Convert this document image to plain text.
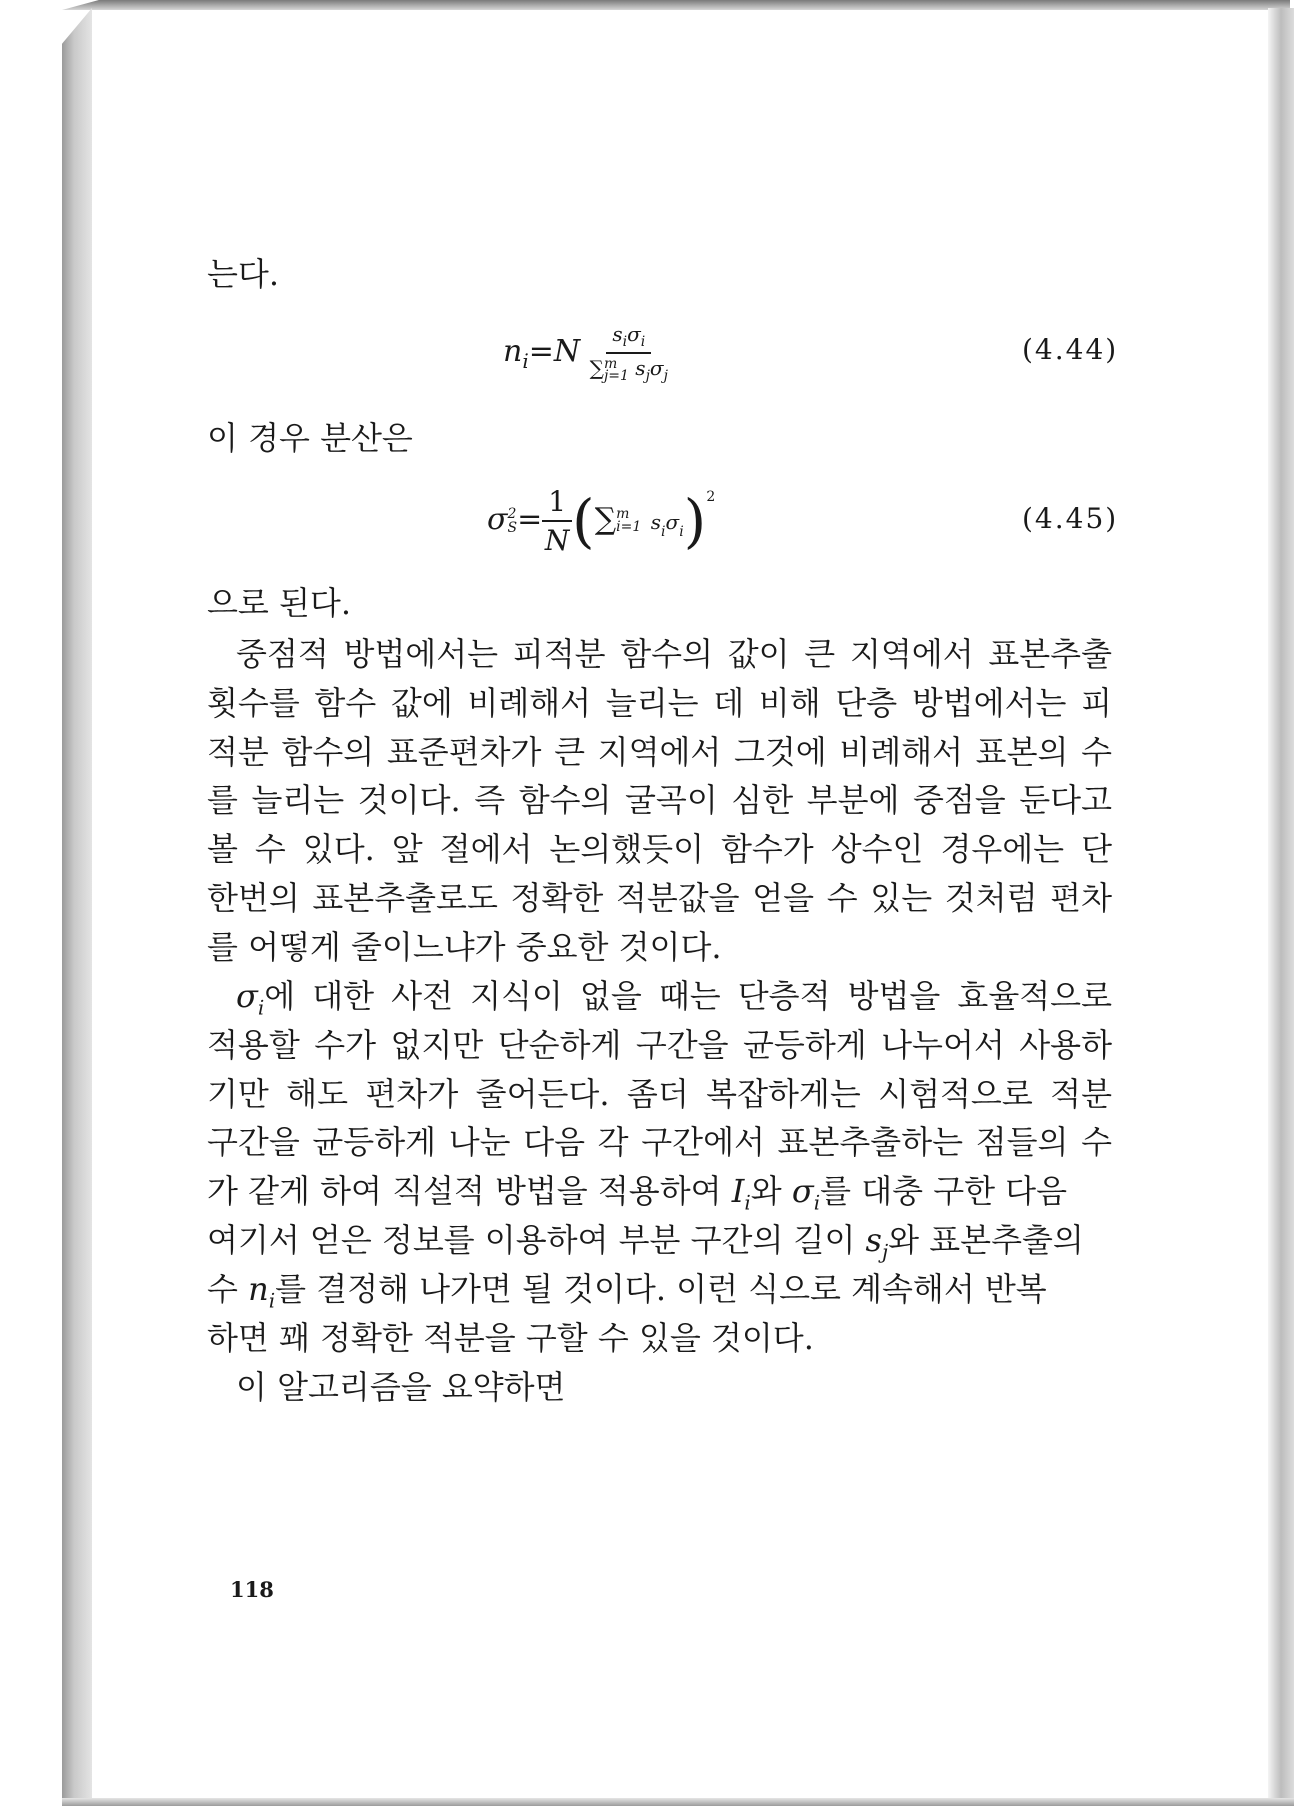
는다.
$n_i=N$ $s_i\sigma_i$
∑ m
j=1 $s_j\sigma_j$	(4.44)
이 경우 분산은
σ 2
$S = \frac{1}{N}$ (∑ m
i=1 $s_i\sigma_i)^2$
(4.45)
으로 된다.
중점적 방법에서는 피적분 함수의 값이 큰 지역에서 표본추출
횟수를 함수 값에 비례해서 늘리는 데 비해 단층 방법에서는 피
적분 함수의 표준편차가 큰 지역에서 그것에 비례해서 표본의 수
를 늘리는 것이다. 즉 함수의 굴곡이 심한 부분에 중점을 둔다고
볼 수 있다. 앞 절에서 논의했듯이 함수가 상수인 경우에는 단
한번의 표본추출로도 정확한 적분값을 얻을 수 있는 것처럼 편차
를 어떻게 줄이느냐가 중요한 것이다.
$\sigma_i$에 대한 사전 지식이 없을 때는 단층적 방법을 효율적으로
적용할 수가 없지만 단순하게 구간을 균등하게 나누어서 사용하
기만 해도 편차가 줄어든다. 좀더 복잡하게는 시험적으로 적분
구간을 균등하게 나눈 다음 각 구간에서 표본추출하는 점들의 수
가 같게 하여 직설적 방법을 적용하여 $I_i$와 $\sigma_i$를 대충 구한 다음
여기서 얻은 정보를 이용하여 부분 구간의 길이 $s_j$와 표본추출의
수 $n_i$를 결정해 나가면 될 것이다. 이런 식으로 계속해서 반복
하면 꽤 정확한 적분을 구할 수 있을 것이다.
이 알고리즘을 요약하면
118
